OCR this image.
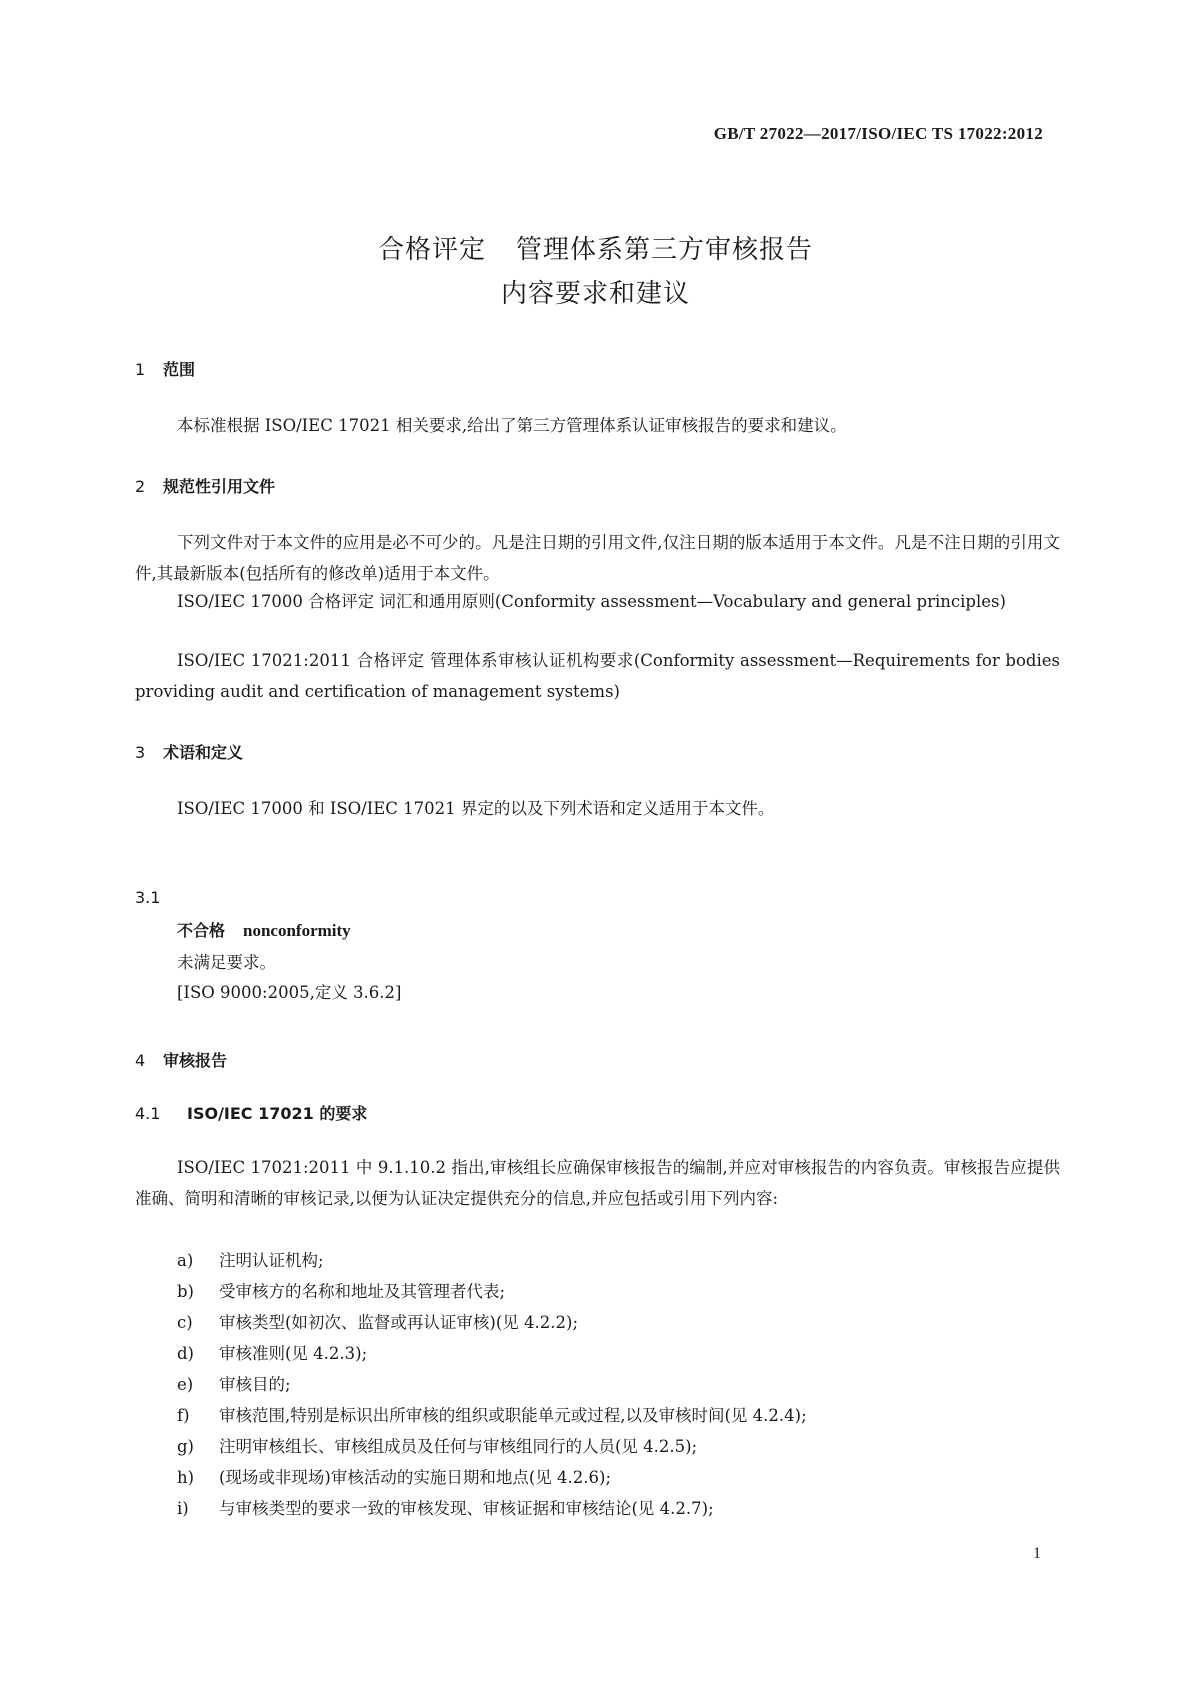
GB/T 27022—2017/ISO/IEC TS 17022:2012
合格评定 管理体系第三方审核报告
内容要求和建议
1 范围
本标准根据 ISO/IEC 17021 相关要求,给出了第三方管理体系认证审核报告的要求和建议。
2 规范性引用文件
下列文件对于本文件的应用是必不可少的。凡是注日期的引用文件,仅注日期的版本适用于本文件。凡是不注日期的引用文件,其最新版本(包括所有的修改单)适用于本文件。
ISO/IEC 17000 合格评定 词汇和通用原则(Conformity assessment—Vocabulary and general principles)
ISO/IEC 17021:2011 合格评定 管理体系审核认证机构要求(Conformity assessment—Requirements for bodies providing audit and certification of management systems)
3 术语和定义
ISO/IEC 17000 和 ISO/IEC 17021 界定的以及下列术语和定义适用于本文件。
3.1
不合格 nonconformity
未满足要求。
[ISO 9000:2005,定义 3.6.2]
4 审核报告
4.1 ISO/IEC 17021 的要求
ISO/IEC 17021:2011 中 9.1.10.2 指出,审核组长应确保审核报告的编制,并应对审核报告的内容负责。审核报告应提供准确、简明和清晰的审核记录,以便为认证决定提供充分的信息,并应包括或引用下列内容:
a) 注明认证机构;
b) 受审核方的名称和地址及其管理者代表;
c) 审核类型(如初次、监督或再认证审核)(见 4.2.2);
d) 审核准则(见 4.2.3);
e) 审核目的;
f) 审核范围,特别是标识出所审核的组织或职能单元或过程,以及审核时间(见 4.2.4);
g) 注明审核组长、审核组成员及任何与审核组同行的人员(见 4.2.5);
h) (现场或非现场)审核活动的实施日期和地点(见 4.2.6);
i) 与审核类型的要求一致的审核发现、审核证据和审核结论(见 4.2.7);
1
